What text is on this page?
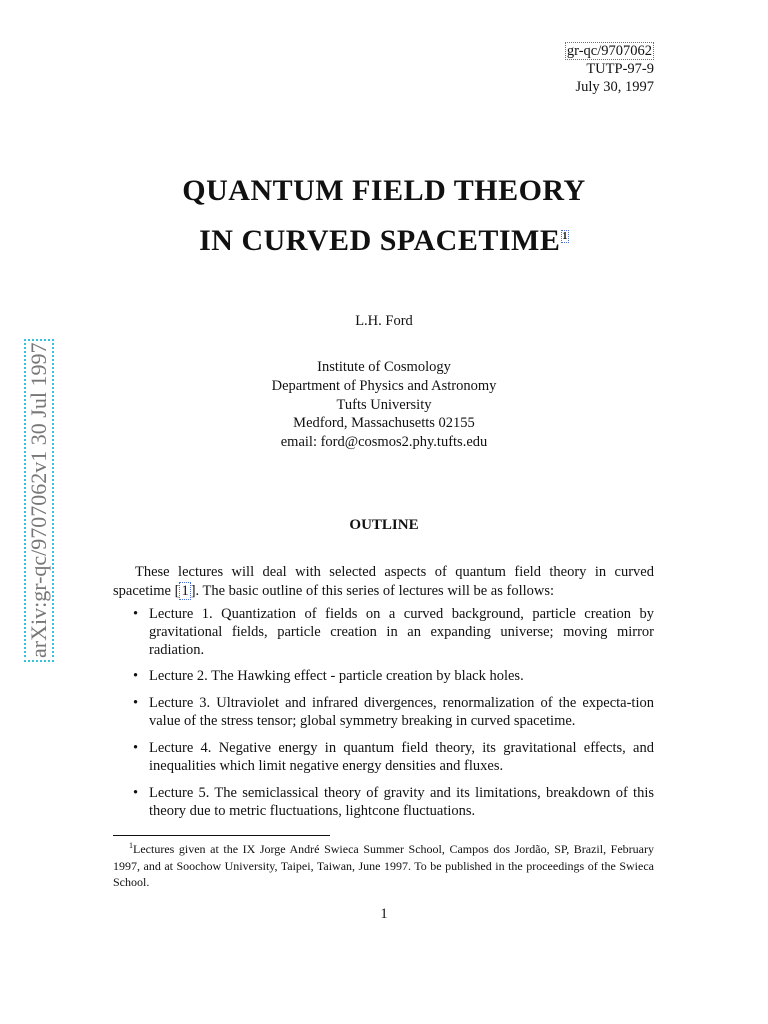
gr-qc/9707062
TUTP-97-9
July 30, 1997
QUANTUM FIELD THEORY
IN CURVED SPACETIME $^1$
L.H. Ford
Institute of Cosmology
Department of Physics and Astronomy
Tufts University
Medford, Massachusetts 02155
email: ford@cosmos2.phy.tufts.edu
OUTLINE
These lectures will deal with selected aspects of quantum field theory in curved spacetime [ 1 ]. The basic outline of this series of lectures will be as follows:
• Lecture 1. Quantization of fields on a curved background, particle creation by gravitational fields, particle creation in an expanding universe; moving mirror radiation.
• Lecture 2. The Hawking effect - particle creation by black holes.
• Lecture 3. Ultraviolet and infrared divergences, renormalization of the expecta-tion value of the stress tensor; global symmetry breaking in curved spacetime.
• Lecture 4. Negative energy in quantum field theory, its gravitational effects, and inequalities which limit negative energy densities and fluxes.
• Lecture 5. The semiclassical theory of gravity and its limitations, breakdown of this theory due to metric fluctuations, lightcone fluctuations.
$^1$Lectures given at the IX Jorge André Swieca Summer School, Campos dos Jordão, SP, Brazil, February 1997, and at Soochow University, Taipei, Taiwan, June 1997. To be published in the proceedings of the Swieca School.
1
arXiv:gr-qc/9707062v1 30 Jul 1997
